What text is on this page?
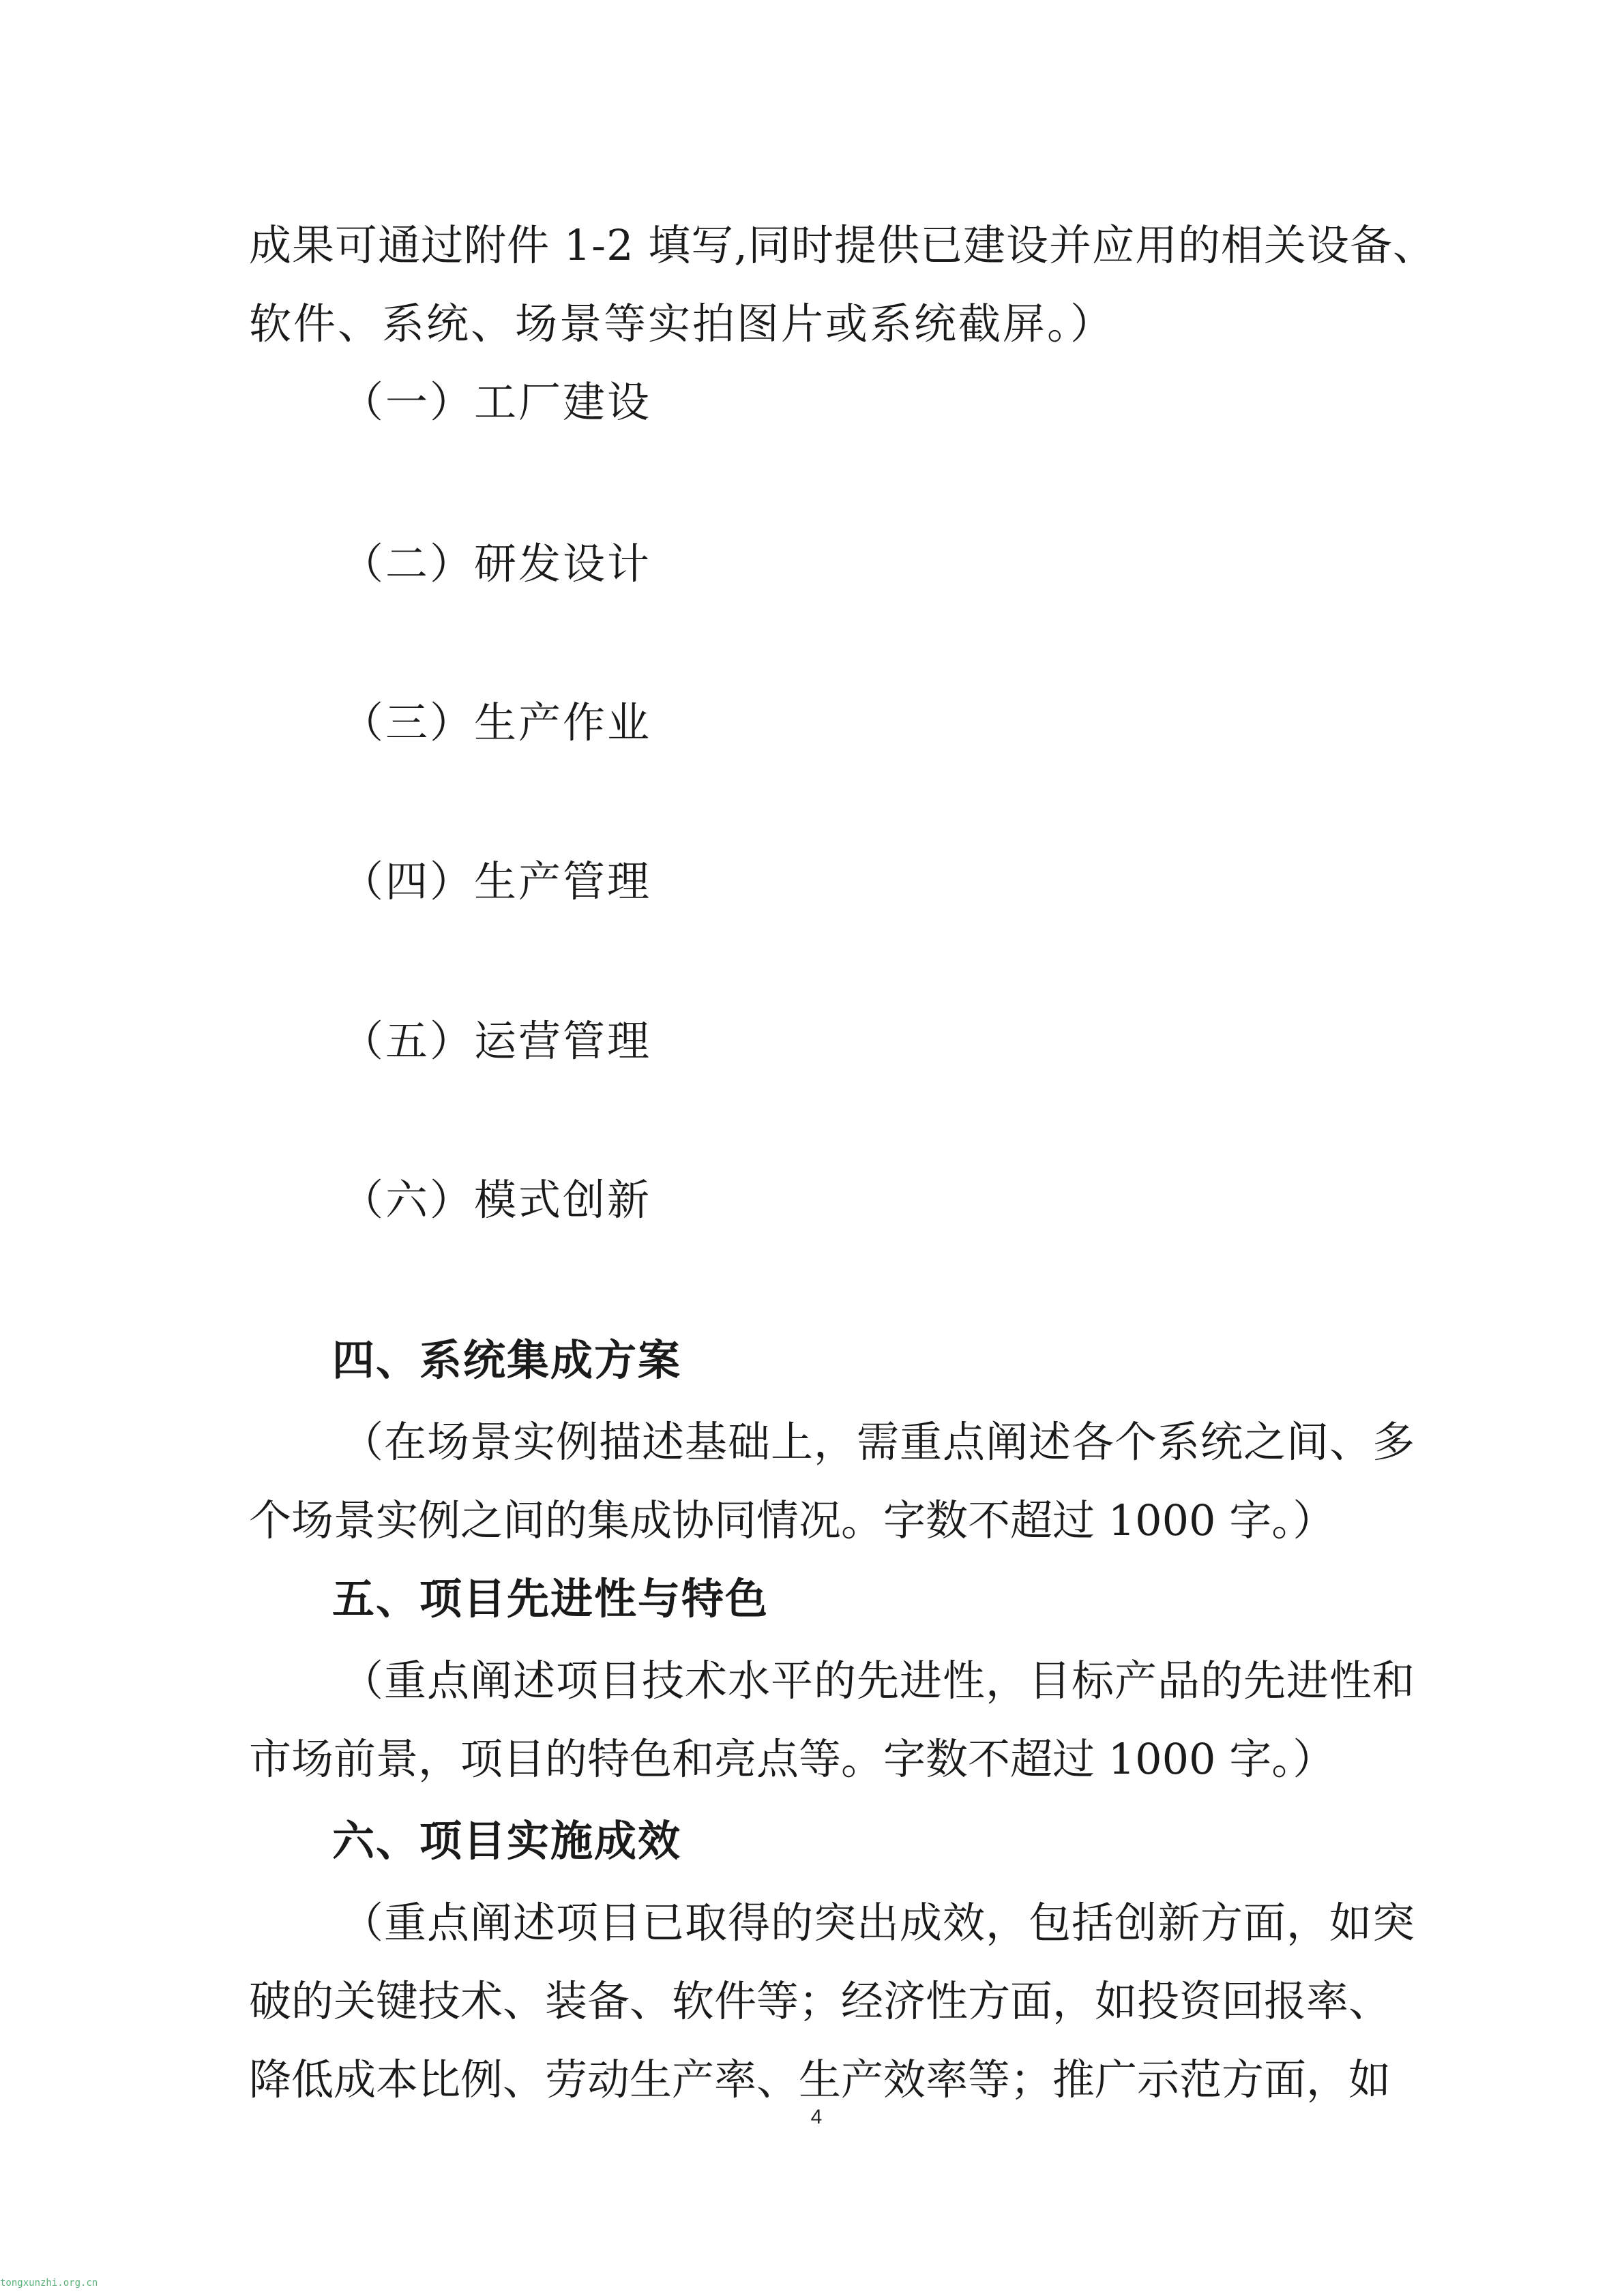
成果可通过附件 1-2 填写,同时提供已建设并应用的相关设备、
软件、系统、场景等实拍图片或系统截屏。）
（一）工厂建设
（二）研发设计
（三）生产作业
（四）生产管理
（五）运营管理
（六）模式创新
四、系统集成方案
（在场景实例描述基础上，需重点阐述各个系统之间、多
个场景实例之间的集成协同情况。字数不超过 1000 字。）
五、项目先进性与特色
（重点阐述项目技术水平的先进性，目标产品的先进性和
市场前景，项目的特色和亮点等。字数不超过 1000 字。）
六、项目实施成效
（重点阐述项目已取得的突出成效，包括创新方面，如突
破的关键技术、装备、软件等；经济性方面，如投资回报率、
降低成本比例、劳动生产率、生产效率等；推广示范方面，如
4
tongxunzhi.org.cn
